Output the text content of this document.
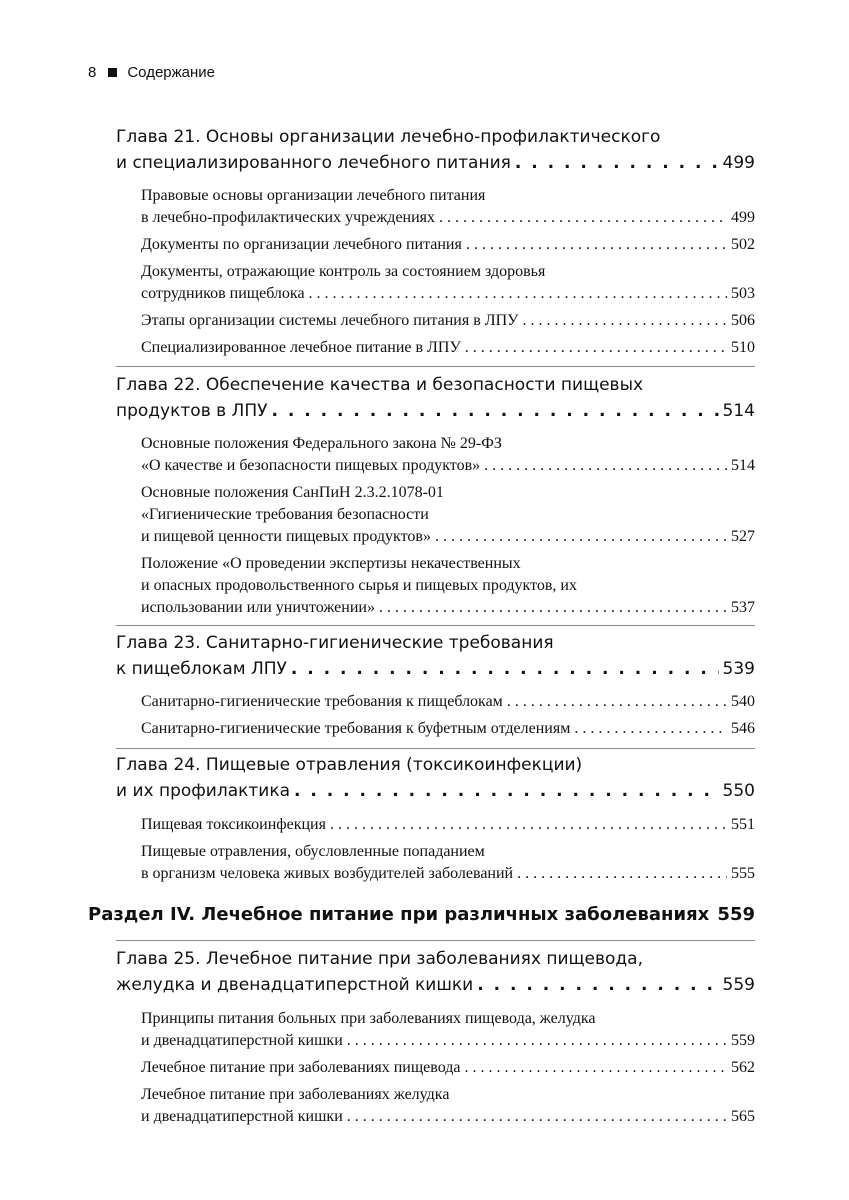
8 Содержание
Глава 21. Основы организации лечебно-профилактического
и специализированного лечебного питания . . .	499
Правовые основы организации лечебного питания
в лечебно-профилактических учреждениях . . .	499
Документы по организации лечебного питания . . .	502
Документы, отражающие контроль за состоянием здоровья
сотрудников пищеблока . . .	503
Этапы организации системы лечебного питания в ЛПУ . . .	506
Специализированное лечебное питание в ЛПУ . . .	510
Глава 22. Обеспечение качества и безопасности пищевых
продуктов в ЛПУ . . .	514
Основные положения Федерального закона № 29-ФЗ
«О качестве и безопасности пищевых продуктов» . . .	514
Основные положения СанПиН 2.3.2.1078-01
«Гигиенические требования безопасности
и пищевой ценности пищевых продуктов» . . .	527
Положение «О проведении экспертизы некачественных
и опасных продовольственного сырья и пищевых продуктов, их
использовании или уничтожении» . . .	537
Глава 23. Санитарно-гигиенические требования
к пищеблокам ЛПУ . . .	539
Санитарно-гигиенические требования к пищеблокам . . .	540
Санитарно-гигиенические требования к буфетным отделениям . . .	546
Глава 24. Пищевые отравления (токсикоинфекции)
и их профилактика . . .	550
Пищевая токсикоинфекция . . .	551
Пищевые отравления, обусловленные попаданием
в организм человека живых возбудителей заболеваний . . .	555
Раздел IV. Лечебное питание при различных заболеваниях . . . 559
Глава 25. Лечебное питание при заболеваниях пищевода,
желудка и двенадцатиперстной кишки . . .	559
Принципы питания больных при заболеваниях пищевода, желудка
и двенадцатиперстной кишки . . .	559
Лечебное питание при заболеваниях пищевода . . .	562
Лечебное питание при заболеваниях желудка
и двенадцатиперстной кишки . . .	565
